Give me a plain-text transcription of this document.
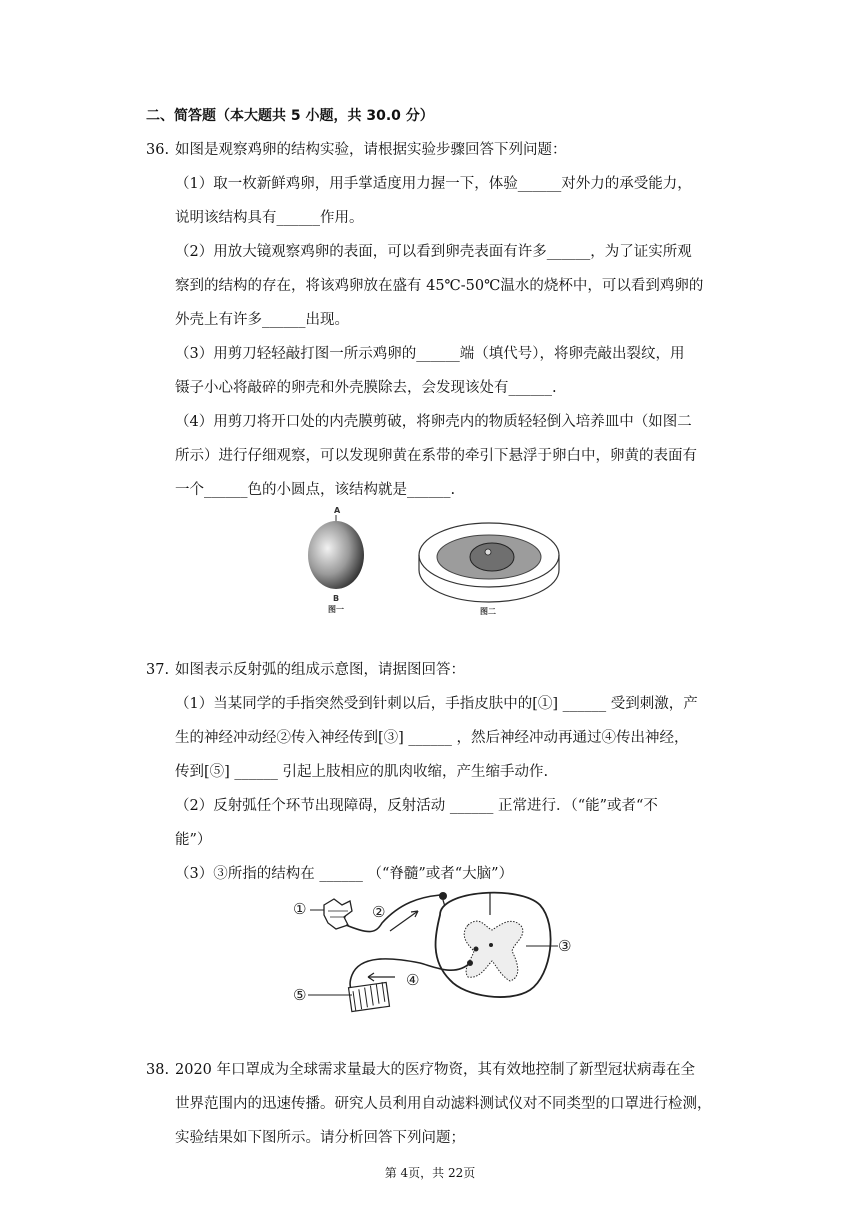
二、简答题（本大题共 5 小题，共 30.0 分）
36. 如图是观察鸡卵的结构实验，请根据实验步骤回答下列问题：
（1）取一枚新鲜鸡卵，用手掌适度用力握一下，体验______对外力的承受能力，
说明该结构具有______作用。
（2）用放大镜观察鸡卵的表面，可以看到卵壳表面有许多______，为了证实所观
察到的结构的存在，将该鸡卵放在盛有 45℃-50℃温水的烧杯中，可以看到鸡卵的
外壳上有许多______出现。
（3）用剪刀轻轻敲打图一所示鸡卵的______端（填代号），将卵壳敲出裂纹，用
镊子小心将敲碎的卵壳和外壳膜除去，会发现该处有______.
（4）用剪刀将开口处的内壳膜剪破，将卵壳内的物质轻轻倒入培养皿中（如图二
所示）进行仔细观察，可以发现卵黄在系带的牵引下悬浮于卵白中，卵黄的表面有
一个______色的小圆点，该结构就是______.
A
B
图一	图二
37. 如图表示反射弧的组成示意图，请据图回答：
（1）当某同学的手指突然受到针刺以后，手指皮肤中的[①] ______ 受到刺激，产
生的神经冲动经②传入神经传到[③] ______ ，然后神经冲动再通过④传出神经，
传到[⑤] ______ 引起上肢相应的肌肉收缩，产生缩手动作.
（2）反射弧任个环节出现障碍，反射活动 ______ 正常进行．（“能”或者“不
能”）
（3）③所指的结构在 ______ （“脊髓”或者“大脑”）
①	②
③
④
⑤
38. 2020 年口罩成为全球需求量最大的医疗物资，其有效地控制了新型冠状病毒在全
世界范围内的迅速传播。研究人员利用自动滤料测试仪对不同类型的口罩进行检测，
实验结果如下图所示。请分析回答下列问题；
第 4页，共 22页
